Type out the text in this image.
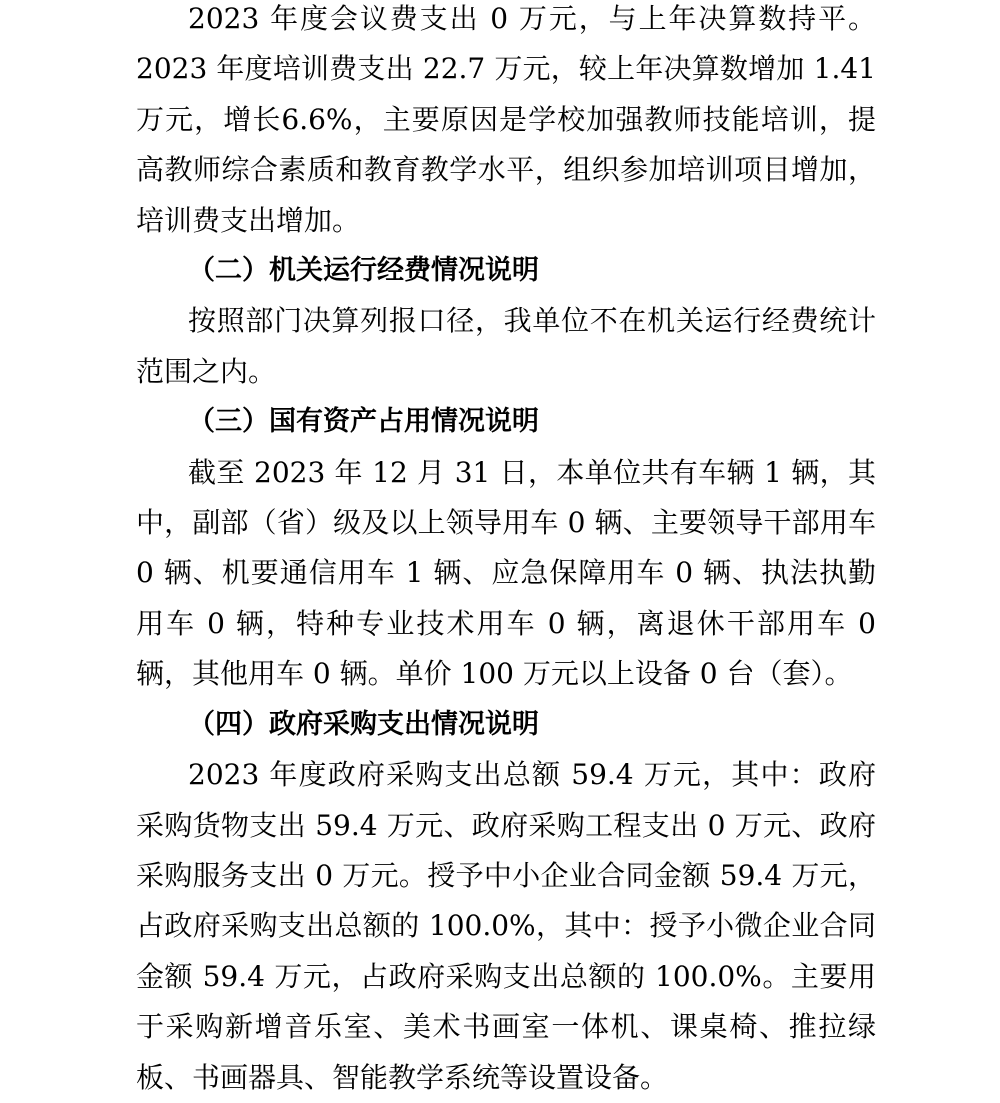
2023 年度会议费支出 0 万元，与上年决算数持平。2023 年度培训费支出 22.7 万元，较上年决算数增加 1.41 万元，增长6.6%，主要原因是学校加强教师技能培训，提高教师综合素质和教育教学水平，组织参加培训项目增加，培训费支出增加。

（二）机关运行经费情况说明

按照部门决算列报口径，我单位不在机关运行经费统计范围之内。

（三）国有资产占用情况说明

截至 2023 年 12 月 31 日，本单位共有车辆 1 辆，其中，副部（省）级及以上领导用车 0 辆、主要领导干部用车 0 辆、机要通信用车 1 辆、应急保障用车 0 辆、执法执勤用车 0 辆，特种专业技术用车 0 辆，离退休干部用车 0 辆，其他用车 0 辆。单价 100 万元以上设备 0 台（套）。

（四）政府采购支出情况说明

2023 年度政府采购支出总额 59.4 万元，其中：政府采购货物支出 59.4 万元、政府采购工程支出 0 万元、政府采购服务支出 0 万元。授予中小企业合同金额 59.4 万元，占政府采购支出总额的 100.0%，其中：授予小微企业合同金额 59.4 万元，占政府采购支出总额的 100.0%。主要用于采购新增音乐室、美术书画室一体机、课桌椅、推拉绿板、书画器具、智能教学系统等设置设备。
